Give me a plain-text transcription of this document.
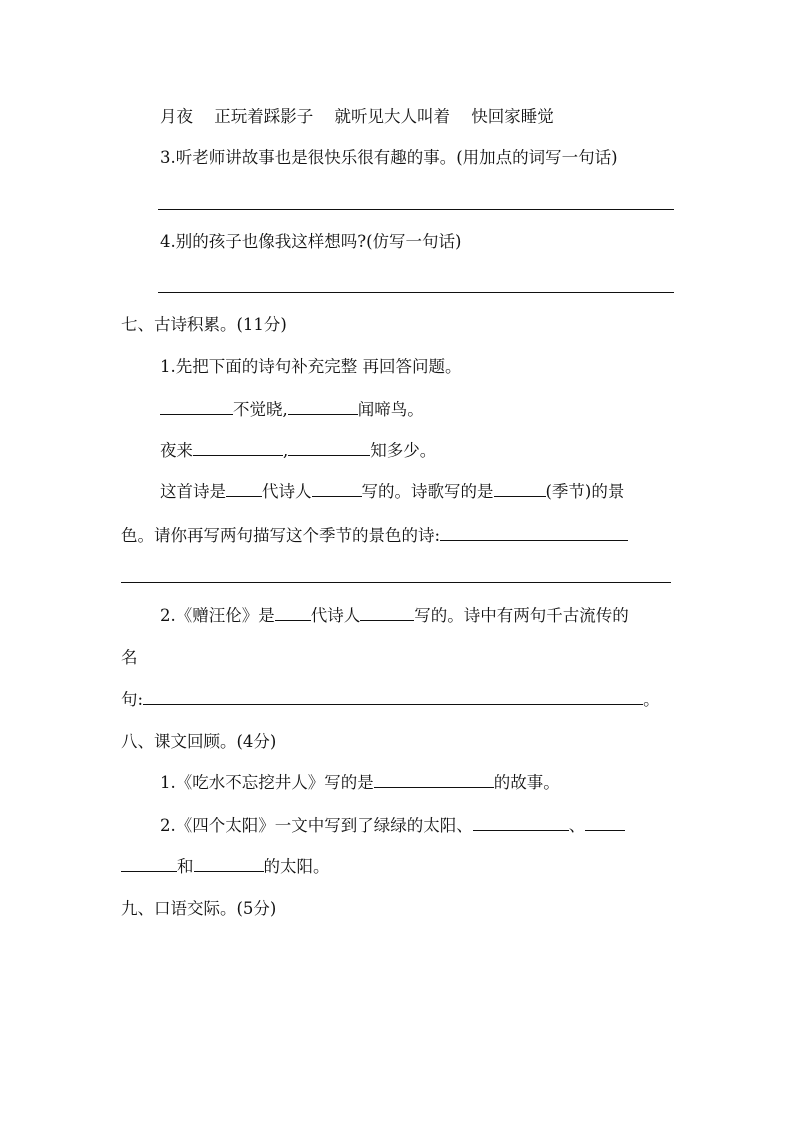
月夜 正玩着踩影子 就听见大人叫着 快回家睡觉
3.听老师讲故事也是很快乐很有趣的事。(用加点的词写一句话)
4.别的孩子也像我这样想吗?(仿写一句话)
七、古诗积累。(11分)
1.先把下面的诗句补充完整 再回答问题。
不觉晓,	闻啼鸟。
夜来	,	知多少。
这首诗是 代诗人	写的。诗歌写的是	(季节)的景
色。请你再写两句描写这个季节的景色的诗:
2.《赠汪伦》是 代诗人	写的。诗中有两句千古流传的
名
句:	。
八、课文回顾。(4分)
1.《吃水不忘挖井人》写的是	的故事。
2.《四个太阳》一文中写到了绿绿的太阳、	、
和	的太阳。
九、口语交际。(5分)
